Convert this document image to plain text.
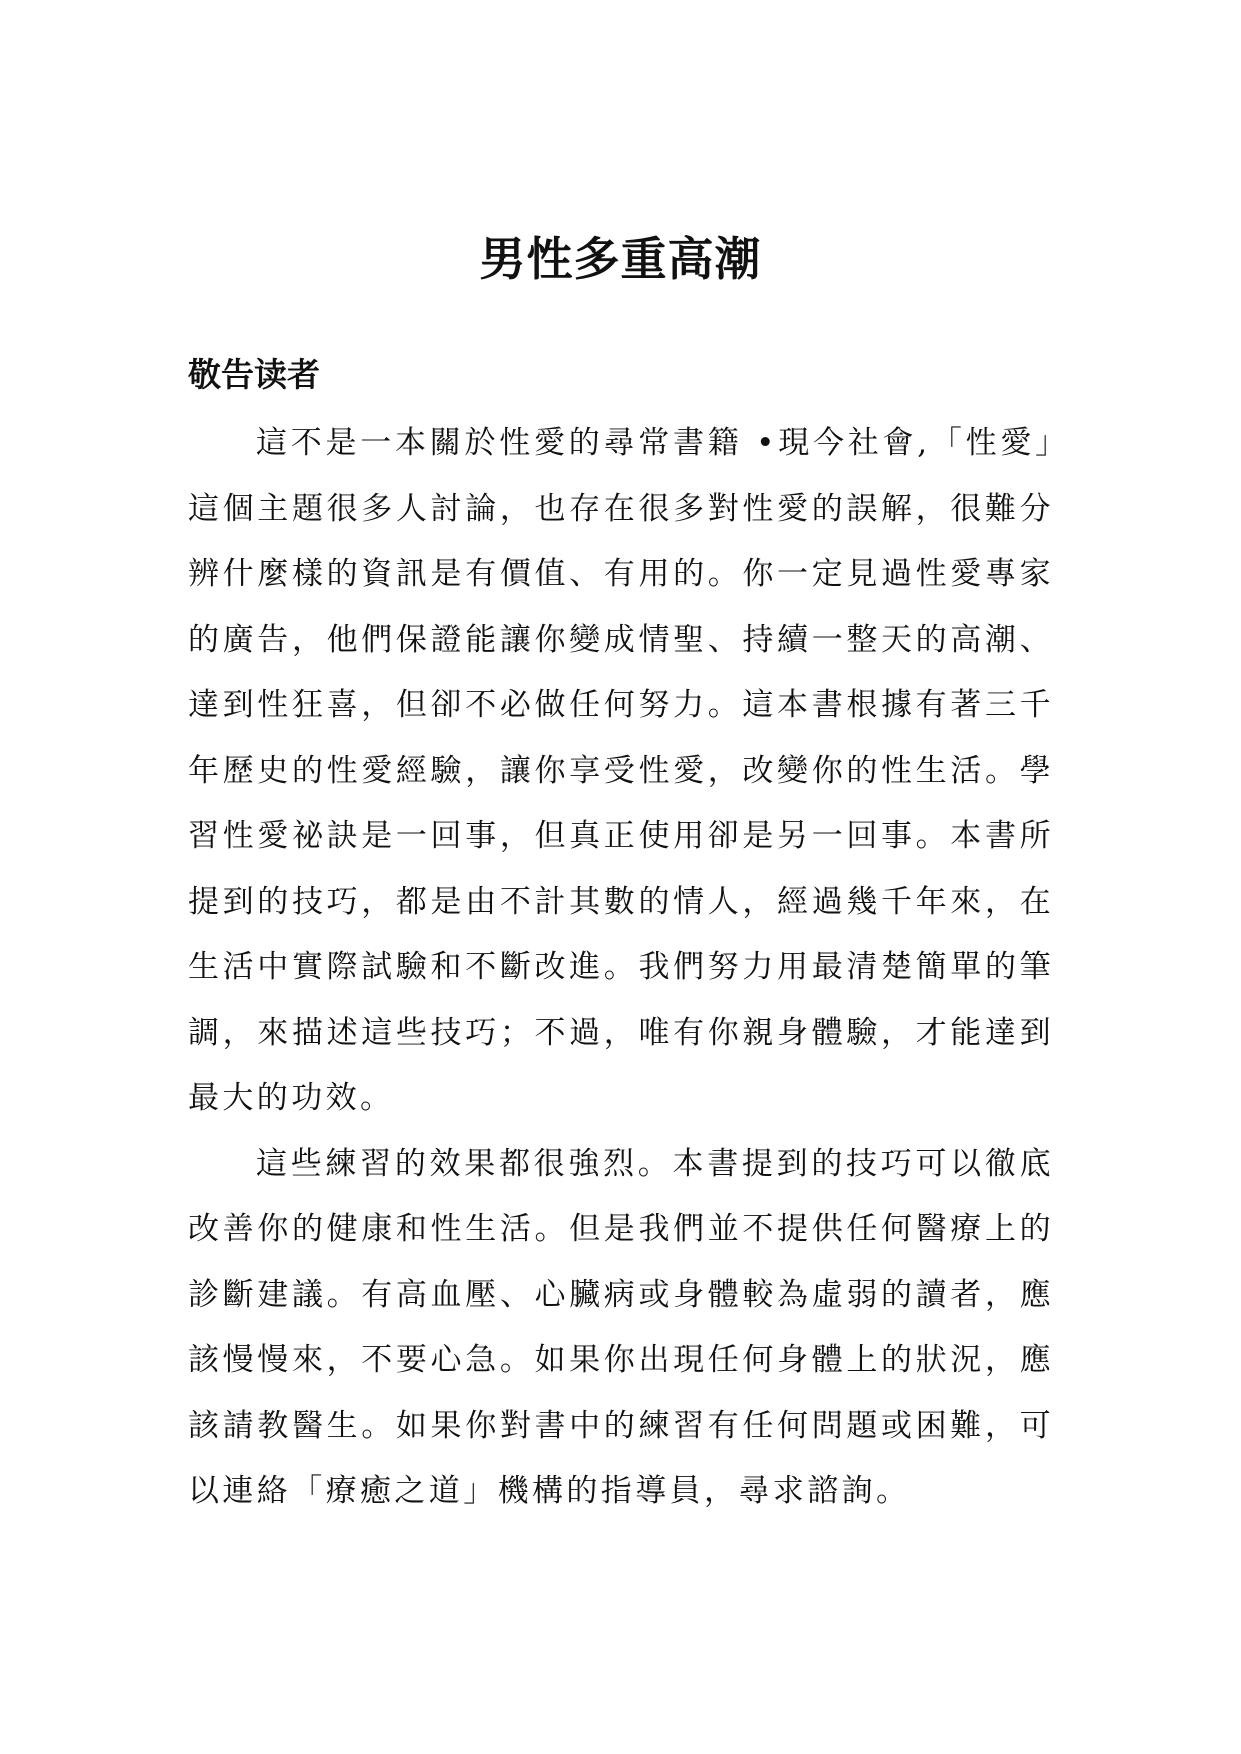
男性多重高潮
敬告读者

這不是一本關於性愛的尋常書籍 •現今社會,「性愛」這個主題很多人討論，也存在很多對性愛的誤解，很難分辨什麼樣的資訊是有價值、有用的。你一定見過性愛專家的廣告，他們保證能讓你變成情聖、持續一整天的高潮、達到性狂喜，但卻不必做任何努力。這本書根據有著三千年歷史的性愛經驗，讓你享受性愛，改變你的性生活。學習性愛祕訣是一回事，但真正使用卻是另一回事。本書所提到的技巧，都是由不計其數的情人，經過幾千年來，在生活中實際試驗和不斷改進。我們努力用最清楚簡單的筆調，來描述這些技巧；不過，唯有你親身體驗，才能達到最大的功效。

這些練習的效果都很強烈。本書提到的技巧可以徹底改善你的健康和性生活。但是我們並不提供任何醫療上的診斷建議。有高血壓、心臟病或身體較為虛弱的讀者，應該慢慢來，不要心急。如果你出現任何身體上的狀況，應該請教醫生。如果你對書中的練習有任何問題或困難，可以連絡「療癒之道」機構的指導員，尋求諮詢。
